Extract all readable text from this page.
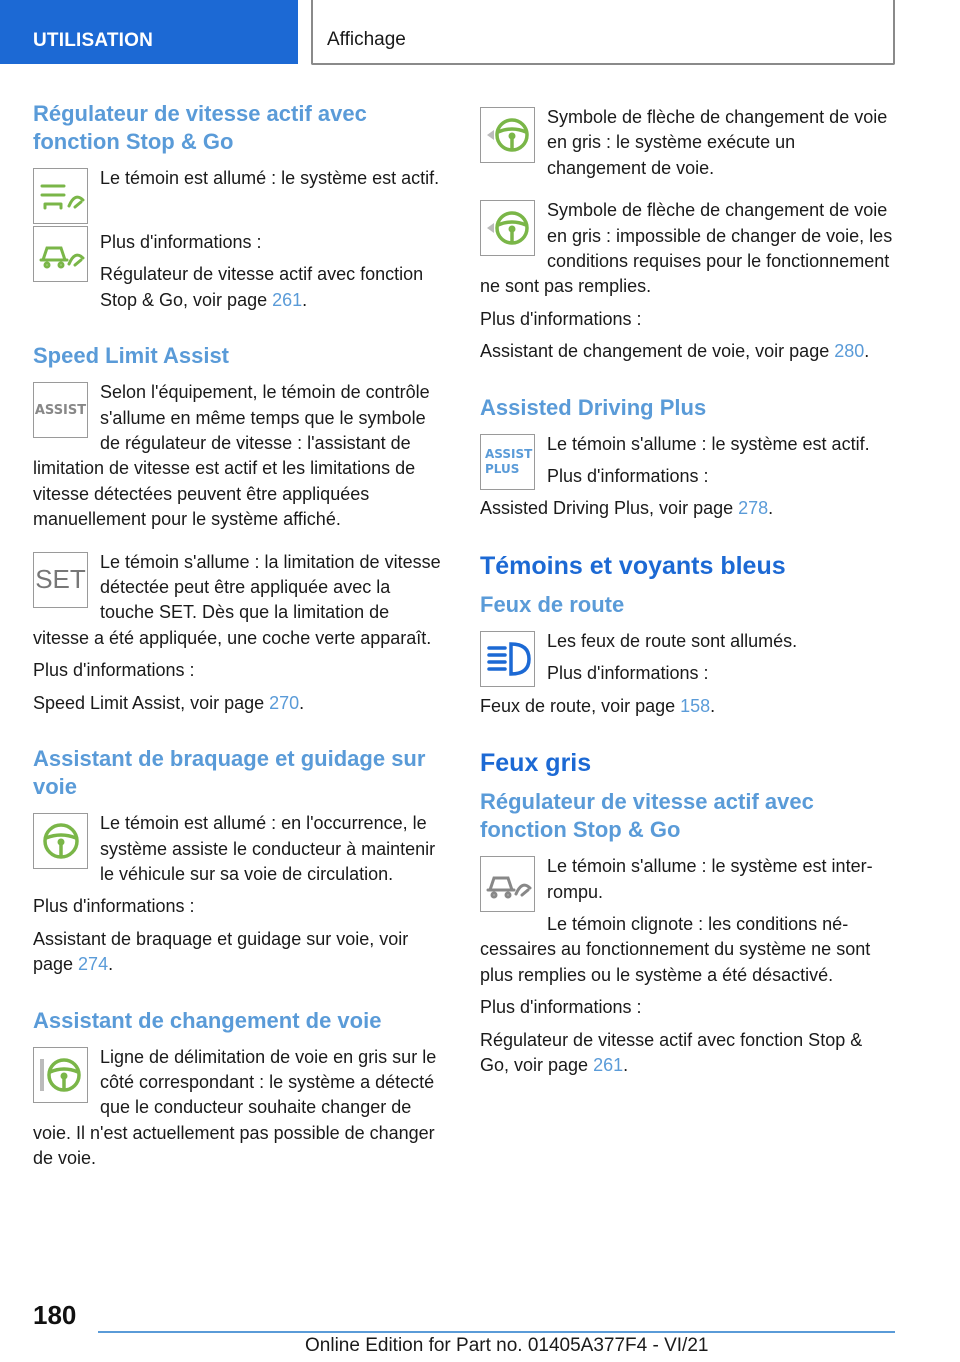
UTILISATION	Affichage
Régulateur de vitesse actif avec fonction Stop & Go

Le témoin est allumé : le système est actif.

Plus d'informations :

Régulateur de vitesse actif avec fonction Stop & Go, voir page 261.

Speed Limit Assist
ASSIST

Selon l'équipement, le témoin de contrôle s'allume en même temps que le symbole de régulateur de vitesse : l'assistant de limitation de vitesse est actif et les limitations de vitesse détectées peuvent être appliquées manuellement pour le système affiché.

SET

Le témoin s'allume : la limitation de vitesse détectée peut être appliquée avec la touche SET. Dès que la limitation de vitesse a été appliquée, une coche verte apparaît.

Plus d'informations :

Speed Limit Assist, voir page 270.

Assistant de braquage et guidage sur voie

Le témoin est allumé : en l'occurrence, le système assiste le conducteur à maintenir le véhicule sur sa voie de circulation.

Plus d'informations :

Assistant de braquage et guidage sur voie, voir page 274.

Assistant de changement de voie

Ligne de délimitation de voie en gris sur le côté correspondant : le système a détecté que le conducteur souhaite changer de voie. Il n'est actuellement pas possible de changer de voie.

Symbole de flèche de changement de voie en gris : le système exécute un changement de voie.

Symbole de flèche de changement de voie en gris : impossible de changer de voie, les conditions requises pour le fonctionnement ne sont pas remplies.

Plus d'informations :

Assistant de changement de voie, voir page 280.

Assisted Driving Plus
ASSIST
PLUS

Le témoin s'allume : le système est actif.

Plus d'informations :

Assisted Driving Plus, voir page 278.

Témoins et voyants bleus
Feux de route

Les feux de route sont allumés.

Plus d'informations :

Feux de route, voir page 158.

Feux gris
Régulateur de vitesse actif avec fonction Stop & Go

Le témoin s'allume : le système est interrompu.

Le témoin clignote : les conditions nécessaires au fonctionnement du système ne sont plus remplies ou le système a été désactivé.

Plus d'informations :

Régulateur de vitesse actif avec fonction Stop & Go, voir page 261.

180
Online Edition for Part no. 01405A377F4 - VI/21
